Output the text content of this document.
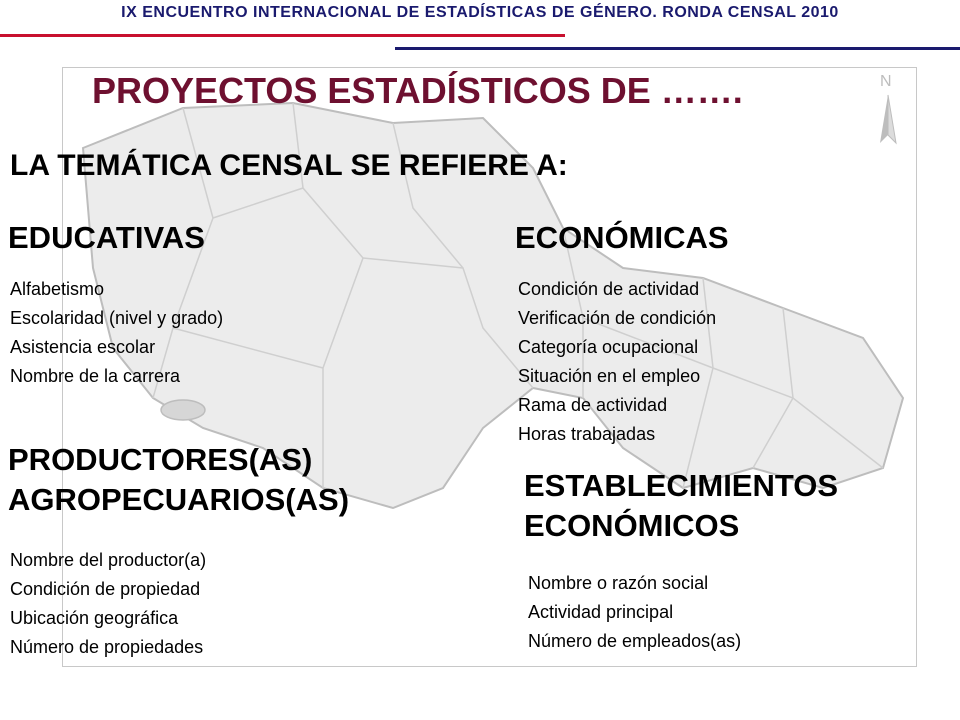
IX ENCUENTRO INTERNACIONAL DE ESTADÍSTICAS DE GÉNERO. RONDA CENSAL 2010
N
PROYECTOS ESTADÍSTICOS DE …….
LA TEMÁTICA CENSAL SE REFIERE A:
EDUCATIVAS
Alfabetismo
Escolaridad (nivel y grado)
Asistencia escolar
Nombre de la carrera
ECONÓMICAS
Condición de actividad
Verificación de condición
Categoría ocupacional
Situación en el empleo
Rama de actividad
Horas trabajadas
PRODUCTORES(AS)
AGROPECUARIOS(AS)
Nombre del productor(a)
Condición de propiedad
Ubicación geográfica
Número de propiedades
ESTABLECIMIENTOS
ECONÓMICOS
Nombre o razón social
Actividad principal
Número de empleados(as)
